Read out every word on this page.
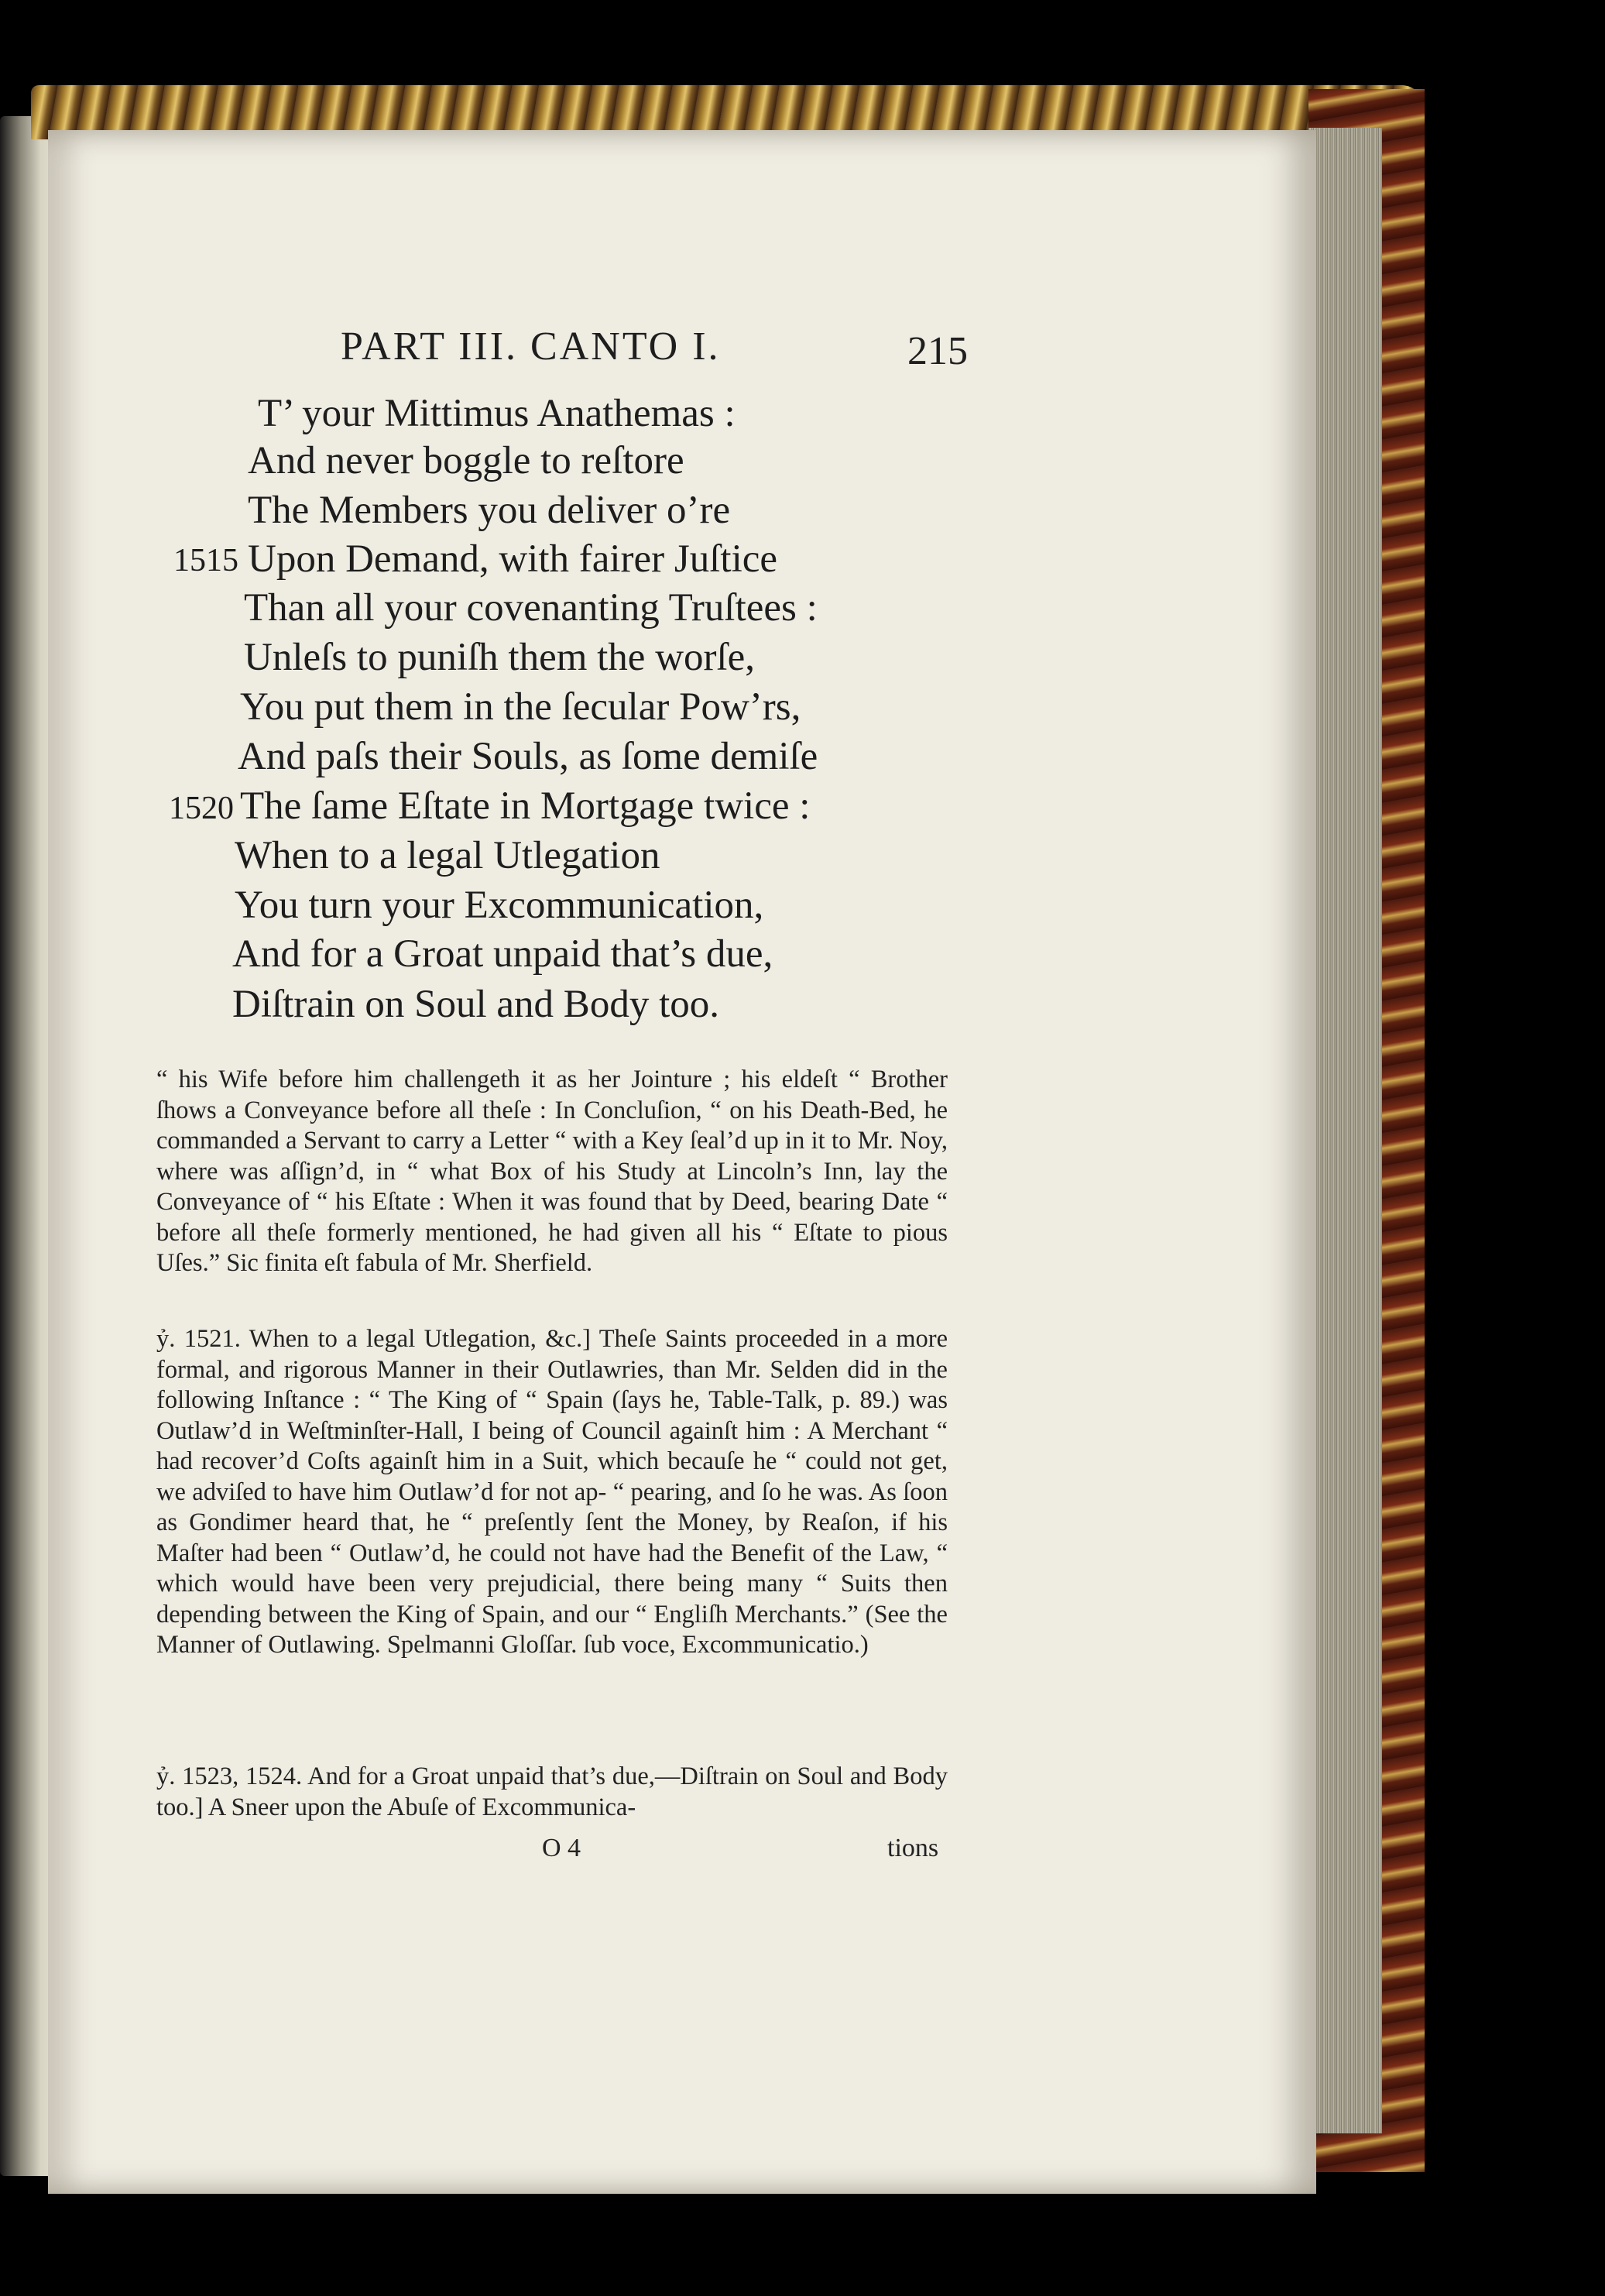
PART III. CANTO I.	215
T’ your Mittimus Anathemas :
And never boggle to reſtore
The Members you deliver o’re
1515 Upon Demand, with fairer Juſtice
Than all your covenanting Truſtees :
Unleſs to puniſh them the worſe,
You put them in the ſecular Pow’rs,
And paſs their Souls, as ſome demiſe
1520 The ſame Eſtate in Mortgage twice :
When to a legal Utlegation
You turn your Excommunication,
And for a Groat unpaid that’s due,
Diſtrain on Soul and Body too.

“ his Wife before him challengeth it as her Jointure ; his eldeſt “ Brother ſhows a Conveyance before all theſe : In Concluſion, “ on his Death-Bed, he commanded a Servant to carry a Letter “ with a Key ſeal’d up in it to Mr. Noy, where was aſſign’d, in “ what Box of his Study at Lincoln’s Inn, lay the Conveyance of “ his Eſtate : When it was found that by Deed, bearing Date “ before all theſe formerly mentioned, he had given all his “ Eſtate to pious Uſes.” Sic finita eſt fabula of Mr. Sherfield.

ỷ. 1521. When to a legal Utlegation, &c.] Theſe Saints proceeded in a more formal, and rigorous Manner in their Outlawries, than Mr. Selden did in the following Inſtance : “ The King of “ Spain (ſays he, Table-Talk, p. 89.) was Outlaw’d in Weſtminſter-Hall, I being of Council againſt him : A Merchant “ had recover’d Coſts againſt him in a Suit, which becauſe he “ could not get, we adviſed to have him Outlaw’d for not ap- “ pearing, and ſo he was. As ſoon as Gondimer heard that, he “ preſently ſent the Money, by Reaſon, if his Maſter had been “ Outlaw’d, he could not have had the Benefit of the Law, “ which would have been very prejudicial, there being many “ Suits then depending between the King of Spain, and our “ Engliſh Merchants.” (See the Manner of Outlawing. Spelmanni Gloſſar. ſub voce, Excommunicatio.)

ỷ. 1523, 1524. And for a Groat unpaid that’s due,—Diſtrain on Soul and Body too.] A Sneer upon the Abuſe of Excommunica-

O 4	tions
